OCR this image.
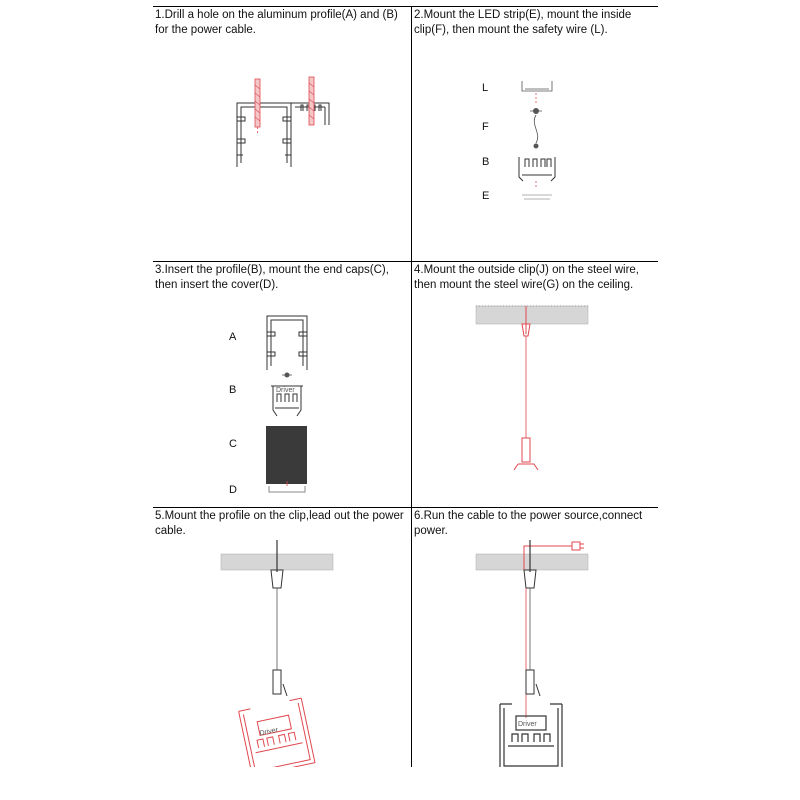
1.Drill a hole on the aluminum profile(A) and (B)
for the power cable.
2.Mount the LED strip(E), mount the inside
clip(F), then mount the safety wire (L).
L
F
B
E
3.Insert the profile(B), mount the end caps(C),
then insert the cover(D).
A
B
C
D
Driver
4.Mount the outside clip(J) on the steel wire,
then mount the steel wire(G) on the ceiling.
5.Mount the profile on the clip,lead out the power
cable.
Driver
6.Run the cable to the power source,connect
power.
Driver
